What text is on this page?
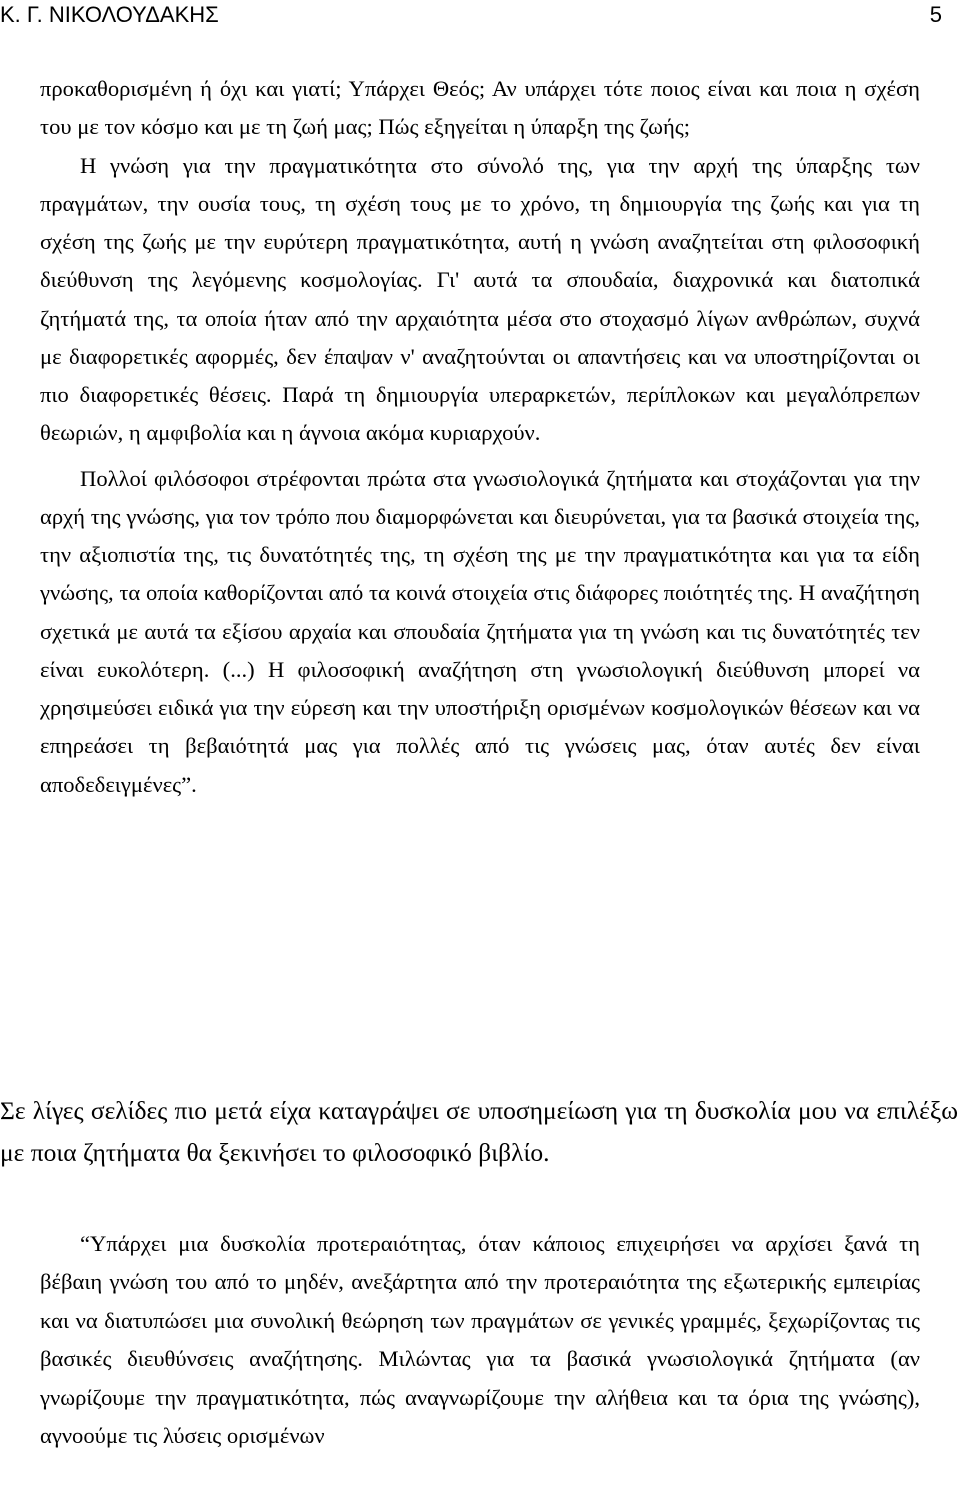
Κ. Γ. ΝΙΚΟΛΟΥΔΑΚΗΣ	5

προκαθορισμένη ή όχι και γιατί; Υπάρχει Θεός; Αν υπάρχει τότε ποιος είναι και ποια η σχέση του με τον κόσμο και με τη ζωή μας; Πώς εξηγείται η ύπαρξη της ζωής;

Η γνώση για την πραγματικότητα στο σύνολό της, για την αρχή της ύπαρξης των πραγμάτων, την ουσία τους, τη σχέση τους με το χρόνο, τη δημιουργία της ζωής και για τη σχέση της ζωής με την ευρύτερη πραγματικότητα, αυτή η γνώση αναζητείται στη φιλοσοφική διεύθυνση της λεγόμενης κοσμολογίας. Γι' αυτά τα σπουδαία, διαχρονικά και διατοπικά ζητήματά της, τα οποία ήταν από την αρχαιότητα μέσα στο στοχασμό λίγων ανθρώπων, συχνά με διαφορετικές αφορμές, δεν έπαψαν ν' αναζητούνται οι απαντήσεις και να υποστηρίζονται οι πιο διαφορετικές θέσεις. Παρά τη δημιουργία υπεραρκετών, περίπλοκων και μεγαλόπρεπων θεωριών, η αμφιβολία και η άγνοια ακόμα κυριαρχούν.

Πολλοί φιλόσοφοι στρέφονται πρώτα στα γνωσιολογικά ζητήματα και στοχάζονται για την αρχή της γνώσης, για τον τρόπο που διαμορφώνεται και διευρύνεται, για τα βασικά στοιχεία της, την αξιοπιστία της, τις δυνατότητές της, τη σχέση της με την πραγματικότητα και για τα είδη γνώσης, τα οποία καθορίζονται από τα κοινά στοιχεία στις διάφορες ποιότητές της. Η αναζήτηση σχετικά με αυτά τα εξίσου αρχαία και σπουδαία ζητήματα για τη γνώση και τις δυνατότητές τεν είναι ευκολότερη. (...) Η φιλοσοφική αναζήτηση στη γνωσιολογική διεύθυνση μπορεί να χρησιμεύσει ειδικά για την εύρεση και την υποστήριξη ορισμένων κοσμολογικών θέσεων και να επηρεάσει τη βεβαιότητά μας για πολλές από τις γνώσεις μας, όταν αυτές δεν είναι αποδεδειγμένες”.

Σε λίγες σελίδες πιο μετά είχα καταγράψει σε υποσημείωση για τη δυσκολία μου να επιλέξω με ποια ζητήματα θα ξεκινήσει το φιλοσοφικό βιβλίο.

“Υπάρχει μια δυσκολία προτεραιότητας, όταν κάποιος επιχειρήσει να αρχίσει ξανά τη βέβαιη γνώση του από το μηδέν, ανεξάρτητα από την προτεραιότητα της εξωτερικής εμπειρίας και να διατυπώσει μια συνολική θεώρηση των πραγμάτων σε γενικές γραμμές, ξεχωρίζοντας τις βασικές διευθύνσεις αναζήτησης. Μιλώντας για τα βασικά γνωσιολογικά ζητήματα (αν γνωρίζουμε την πραγματικότητα, πώς αναγνωρίζουμε την αλήθεια και τα όρια της γνώσης), αγνοούμε τις λύσεις ορισμένων
